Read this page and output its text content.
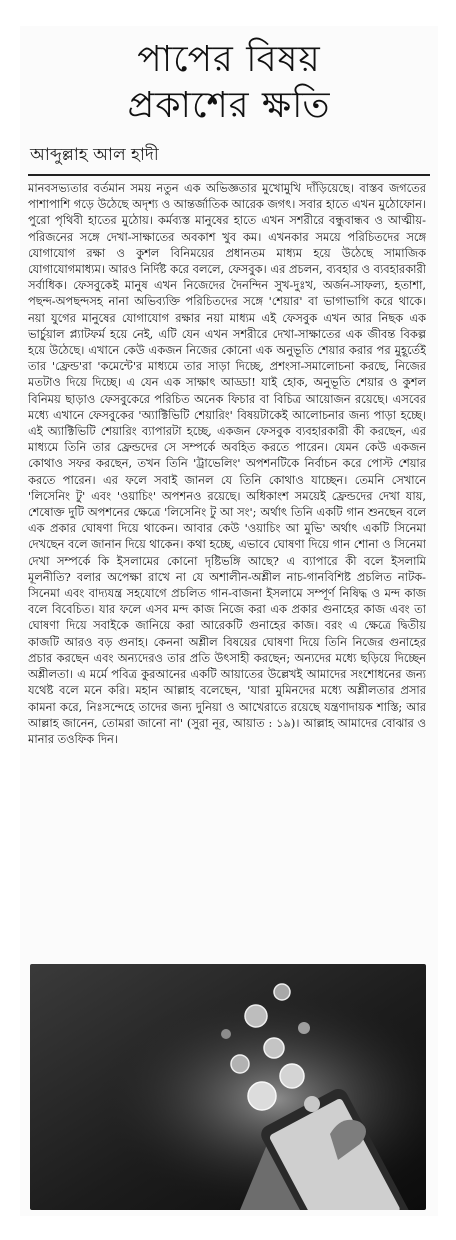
পাপের বিষয়
প্রকাশের ক্ষতি
আব্দুল্লাহ আল হাদী
মানবসভ্যতার বর্তমান সময় নতুন এক অভিজ্ঞতার মুখোমুখি দাঁড়িয়েছে। বাস্তব জগতের পাশাপাশি গড়ে উঠেছে অদৃশ্য ও আন্তর্জাতিক আরেক জগৎ। সবার হাতে এখন মুঠোফোন। পুরো পৃথিবী হাতের মুঠোয়। কর্মব্যস্ত মানুষের হাতে এখন সশরীরে বন্ধুবান্ধব ও আত্মীয়-পরিজনের সঙ্গে দেখা-সাক্ষাতের অবকাশ খুব কম। এখনকার সময়ে পরিচিতদের সঙ্গে যোগাযোগ রক্ষা ও কুশল বিনিময়ের প্রধানতম মাধ্যম হয়ে উঠেছে সামাজিক যোগাযোগমাধ্যম। আরও নির্দিষ্ট করে বললে, ফেসবুক। এর প্রচলন, ব্যবহার ও ব্যবহারকারী সর্বাধিক। ফেসবুকেই মানুষ এখন নিজেদের দৈনন্দিন সুখ-দুঃখ, অর্জন-সাফল্য, হতাশা, পছন্দ-অপছন্দসহ নানা অভিব্যক্তি পরিচিতদের সঙ্গে 'শেয়ার' বা ভাগাভাগি করে থাকে। নয়া যুগের মানুষের যোগাযোগ রক্ষার নয়া মাধ্যম এই ফেসবুক এখন আর নিছক এক ভার্চুয়াল প্ল্যাটফর্ম হয়ে নেই, এটি যেন এখন সশরীরে দেখা-সাক্ষাতের এক জীবন্ত বিকল্প হয়ে উঠেছে। এখানে কেউ একজন নিজের কোনো এক অনুভূতি শেয়ার করার পর মুহূর্তেই তার 'ফ্রেন্ড'রা 'কমেন্টে'র মাধ্যমে তার সাড়া দিচ্ছে, প্রশংসা-সমালোচনা করছে, নিজের মতটাও দিয়ে দিচ্ছে। এ যেন এক সাক্ষাৎ আড্ডা! যাই হোক, অনুভূতি শেয়ার ও কুশল বিনিময় ছাড়াও ফেসবুকেরে পরিচিত অনেক ফিচার বা বিচিত্র আয়োজন রয়েছে। এসবের মধ্যে এখানে ফেসবুকের 'অ্যাক্টিভিটি শেয়ারিং' বিষয়টাকেই আলোচনার জন্য পাড়া হচ্ছে। এই অ্যাক্টিভিটি শেয়ারিং ব্যাপারটা হচ্ছে, একজন ফেসবুক ব্যবহারকারী কী করছেন, এর মাধ্যমে তিনি তার ফ্রেন্ডদের সে সম্পর্কে অবহিত করতে পারেন। যেমন কেউ একজন কোথাও সফর করছেন, তখন তিনি 'ট্রাভেলিং' অপশনটিকে নির্বাচন করে পোস্ট শেয়ার করতে পারেন। এর ফলে সবাই জানল যে তিনি কোথাও যাচ্ছেন। তেমনি সেখানে 'লিসেনিং টু' এবং 'ওয়াচিং' অপশনও রয়েছে। অধিকাংশ সময়েই ফ্রেন্ডদের দেখা যায়, শেষোক্ত দুটি অপশনের ক্ষেত্রে 'লিসেনিং টু আ সং'; অর্থাৎ তিনি একটি গান শুনছেন বলে এক প্রকার ঘোষণা দিয়ে থাকেন। আবার কেউ 'ওয়াচিং আ মুভি' অর্থাৎ একটি সিনেমা দেখছেন বলে জানান দিয়ে থাকেন। কথা হচ্ছে, এভাবে ঘোষণা দিয়ে গান শোনা ও সিনেমা দেখা সম্পর্কে কি ইসলামের কোনো দৃষ্টিভঙ্গি আছে? এ ব্যাপারে কী বলে ইসলামি মূলনীতি? বলার অপেক্ষা রাখে না যে অশালীন-অশ্লীল নাচ-গানবিশিষ্ট প্রচলিত নাটক-সিনেমা এবং বাদ্যযন্ত্র সহযোগে প্রচলিত গান-বাজনা ইসলামে সম্পূর্ণ নিষিদ্ধ ও মন্দ কাজ বলে বিবেচিত। যার ফলে এসব মন্দ কাজ নিজে করা এক প্রকার গুনাহের কাজ এবং তা ঘোষণা দিয়ে সবাইকে জানিয়ে করা আরেকটি গুনাহের কাজ। বরং এ ক্ষেত্রে দ্বিতীয় কাজটি আরও বড় গুনাহ। কেননা অশ্লীল বিষয়ের ঘোষণা দিয়ে তিনি নিজের গুনাহের প্রচার করছেন এবং অন্যদেরও তার প্রতি উৎসাহী করছেন; অন্যদের মধ্যে ছড়িয়ে দিচ্ছেন অশ্লীলতা। এ মর্মে পবিত্র কুরআনের একটি আয়াতের উল্লেখই আমাদের সংশোধনের জন্য যথেষ্ট বলে মনে করি। মহান আল্লাহ বলেছেন, 'যারা মুমিনদের মধ্যে অশ্লীলতার প্রসার কামনা করে, নিঃসন্দেহে তাদের জন্য দুনিয়া ও আখেরাতে রয়েছে যন্ত্রণাদায়ক শাস্তি; আর আল্লাহ জানেন, তোমরা জানো না' (সুরা নূর, আয়াত : ১৯)। আল্লাহ আমাদের বোঝার ও মানার তওফিক দিন।
